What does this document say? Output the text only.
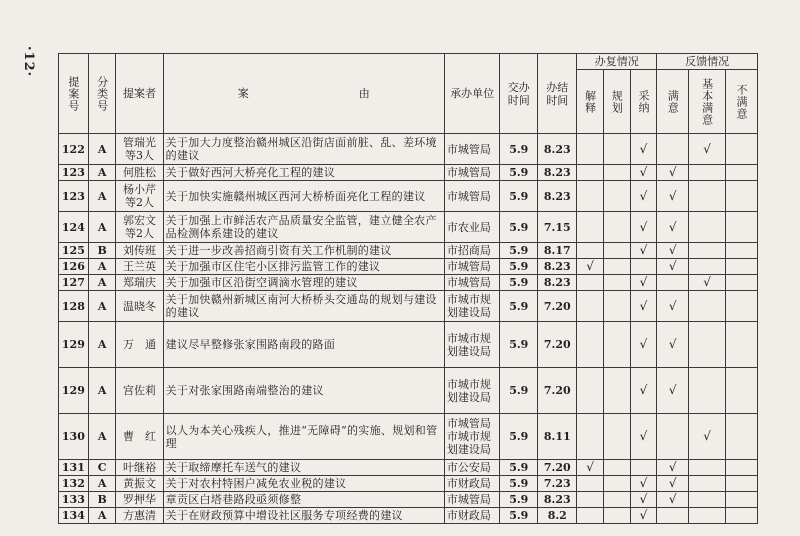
·12·
提案号	分类号	提案者	案 由	承办单位	交办时间	办结时间	办复情况			反馈情况		

							解释	规划	采纳	满意	基本满意	不满意

122	A	管瑞光等3人	关于加大力度整治赣州城区沿街店面前脏、乱、差环境的建议	市城管局	5.9	8.23			√		√	
123	A	何胜松	关于做好西河大桥亮化工程的建议	市城管局	5.9	8.23			√	√		
123	A	杨小芹等2人	关于加快实施赣州城区西河大桥桥面亮化工程的建议	市城管局	5.9	8.23			√	√		
124	A	郭宏文等2人	关于加强上市鲜活农产品质量安全监管，建立健全农产品检测体系建设的建议	市农业局	5.9	7.15			√	√		
125	B	刘传班	关于进一步改善招商引资有关工作机制的建议	市招商局	5.9	8.17			√	√		
126	A	王兰英	关于加强市区住宅小区排污监管工作的建议	市城管局	5.9	8.23	√			√		
127	A	郑瑞庆	关于加强市区沿街空调滴水管理的建议	市城管局	5.9	8.23			√		√	
128	A	温晓冬	关于加快赣州新城区南河大桥桥头交通岛的规划与建设的建议	市城市规划建设局	5.9	7.20			√	√		
129	A	万　通	建议尽早整修张家围路南段的路面	市城市规划建设局	5.9	7.20			√	√		
129	A	宫佐莉	关于对张家围路南端整治的建议	市城市规划建设局	5.9	7.20			√	√		
130	A	曹　红	以人为本关心残疾人，推进“无障碍”的实施、规划和管理	市城管局市城市规划建设局	5.9	8.11			√		√	
131	C	叶继裕	关于取缔摩托车送气的建议	市公安局	5.9	7.20	√			√		
132	A	黄振文	关于对农村特困户减免农业税的建议	市财政局	5.9	7.23			√	√		
133	B	罗押华	章贡区白塔巷路段亟须修整	市城管局	5.9	8.23			√	√		
134	A	方惠清	关于在财政预算中增设社区服务专项经费的建议	市财政局	5.9	8.2			√			
